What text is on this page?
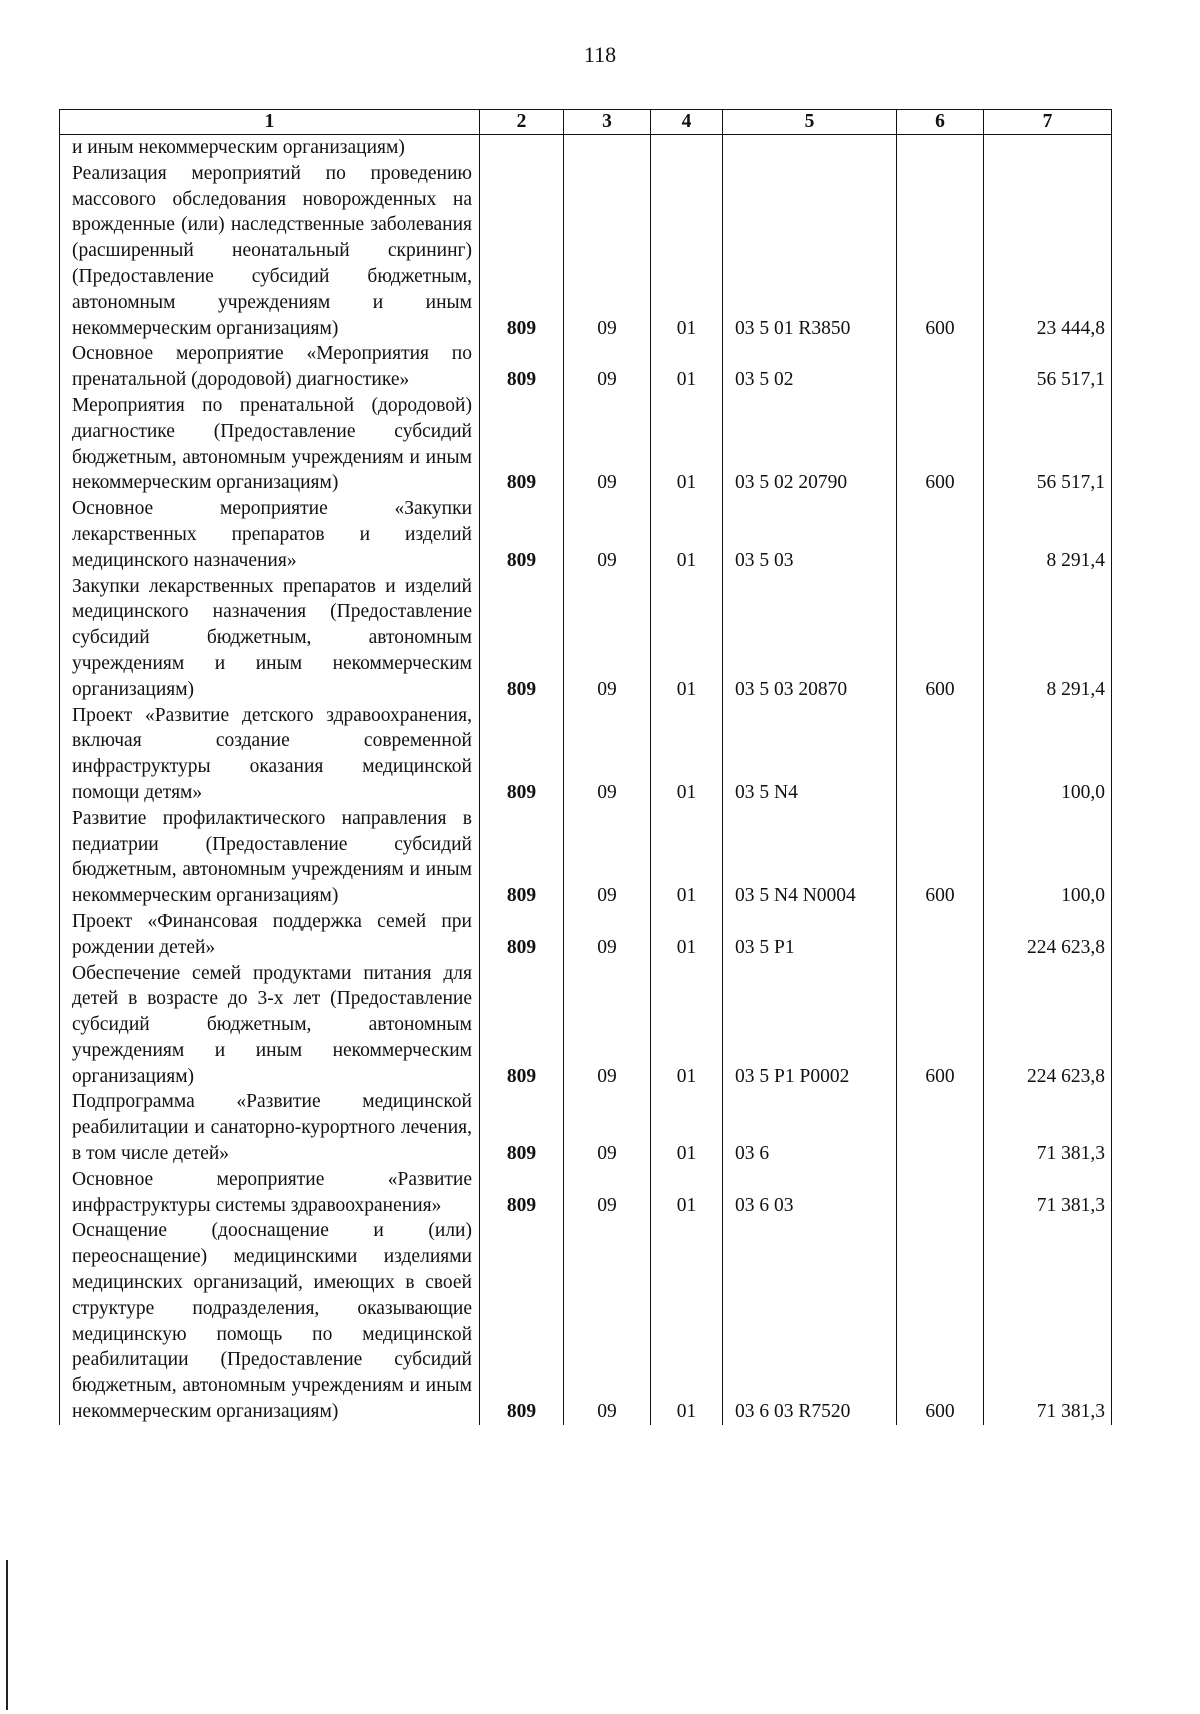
118
1	2	3	4	5	6	7
и иным некоммерческим организациям)						
Реализация мероприятий по проведению массового обследования новорожденных на врожденные (или) наследственные заболевания (расширенный неонатальный скрининг) (Предоставление субсидий бюджетным, автономным учреждениям и иным некоммерческим организациям)	809	09	01	03 5 01 R3850	600	23 444,8
Основное мероприятие «Мероприятия по пренатальной (дородовой) диагностике»	809	09	01	03 5 02		56 517,1
Мероприятия по пренатальной (дородовой) диагностике (Предоставление субсидий бюджетным, автономным учреждениям и иным некоммерческим организациям)	809	09	01	03 5 02 20790	600	56 517,1
Основное мероприятие «Закупки лекарственных препаратов и изделий медицинского назначения»	809	09	01	03 5 03		8 291,4
Закупки лекарственных препаратов и изделий медицинского назначения (Предоставление субсидий бюджетным, автономным учреждениям и иным некоммерческим организациям)	809	09	01	03 5 03 20870	600	8 291,4
Проект «Развитие детского здравоохранения, включая создание современной инфраструктуры оказания медицинской помощи детям»	809	09	01	03 5 N4		100,0
Развитие профилактического направления в педиатрии (Предоставление субсидий бюджетным, автономным учреждениям и иным некоммерческим организациям)	809	09	01	03 5 N4 N0004	600	100,0
Проект «Финансовая поддержка семей при рождении детей»	809	09	01	03 5 P1		224 623,8
Обеспечение семей продуктами питания для детей в возрасте до 3-х лет (Предоставление субсидий бюджетным, автономным учреждениям и иным некоммерческим организациям)	809	09	01	03 5 P1 P0002	600	224 623,8
Подпрограмма «Развитие медицинской реабилитации и санаторно-курортного лечения, в том числе детей»	809	09	01	03 6		71 381,3
Основное мероприятие «Развитие инфраструктуры системы здравоохранения»	809	09	01	03 6 03		71 381,3
Оснащение (дооснащение и (или) переоснащение) медицинскими изделиями медицинских организаций, имеющих в своей структуре подразделения, оказывающие медицинскую помощь по медицинской реабилитации (Предоставление субсидий бюджетным, автономным учреждениям и иным некоммерческим организациям)	809	09	01	03 6 03 R7520	600	71 381,3
